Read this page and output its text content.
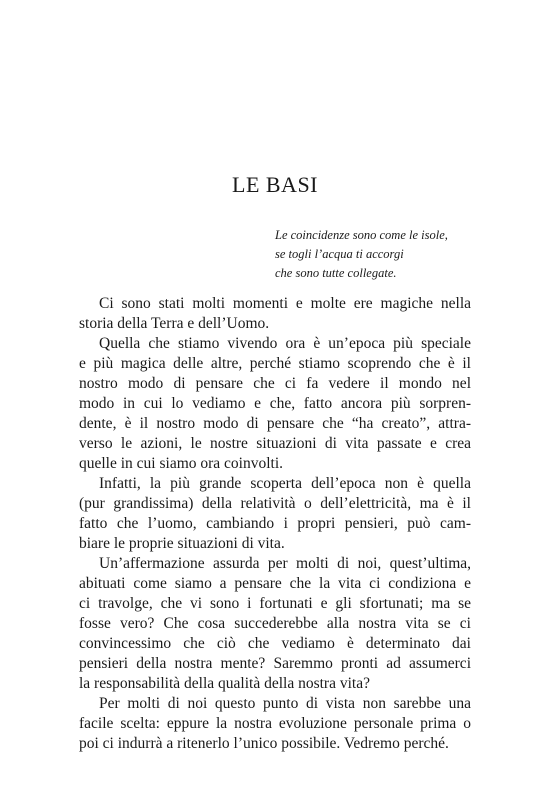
LE BASI
Le coincidenze sono come le isole,
se togli l’acqua ti accorgi
che sono tutte collegate.
Ci sono stati molti momenti e molte ere magiche nella
storia della Terra e dell’Uomo.
Quella che stiamo vivendo ora è un’epoca più speciale
e più magica delle altre, perché stiamo scoprendo che è il
nostro modo di pensare che ci fa vedere il mondo nel
modo in cui lo vediamo e che, fatto ancora più sorpren-
dente, è il nostro modo di pensare che “ha creato”, attra-
verso le azioni, le nostre situazioni di vita passate e crea
quelle in cui siamo ora coinvolti.
Infatti, la più grande scoperta dell’epoca non è quella
(pur grandissima) della relatività o dell’elettricità, ma è il
fatto che l’uomo, cambiando i propri pensieri, può cam-
biare le proprie situazioni di vita.
Un’affermazione assurda per molti di noi, quest’ultima,
abituati come siamo a pensare che la vita ci condiziona e
ci travolge, che vi sono i fortunati e gli sfortunati; ma se
fosse vero? Che cosa succederebbe alla nostra vita se ci
convincessimo che ciò che vediamo è determinato dai
pensieri della nostra mente? Saremmo pronti ad assumerci
la responsabilità della qualità della nostra vita?
Per molti di noi questo punto di vista non sarebbe una
facile scelta: eppure la nostra evoluzione personale prima o
poi ci indurrà a ritenerlo l’unico possibile. Vedremo perché.
